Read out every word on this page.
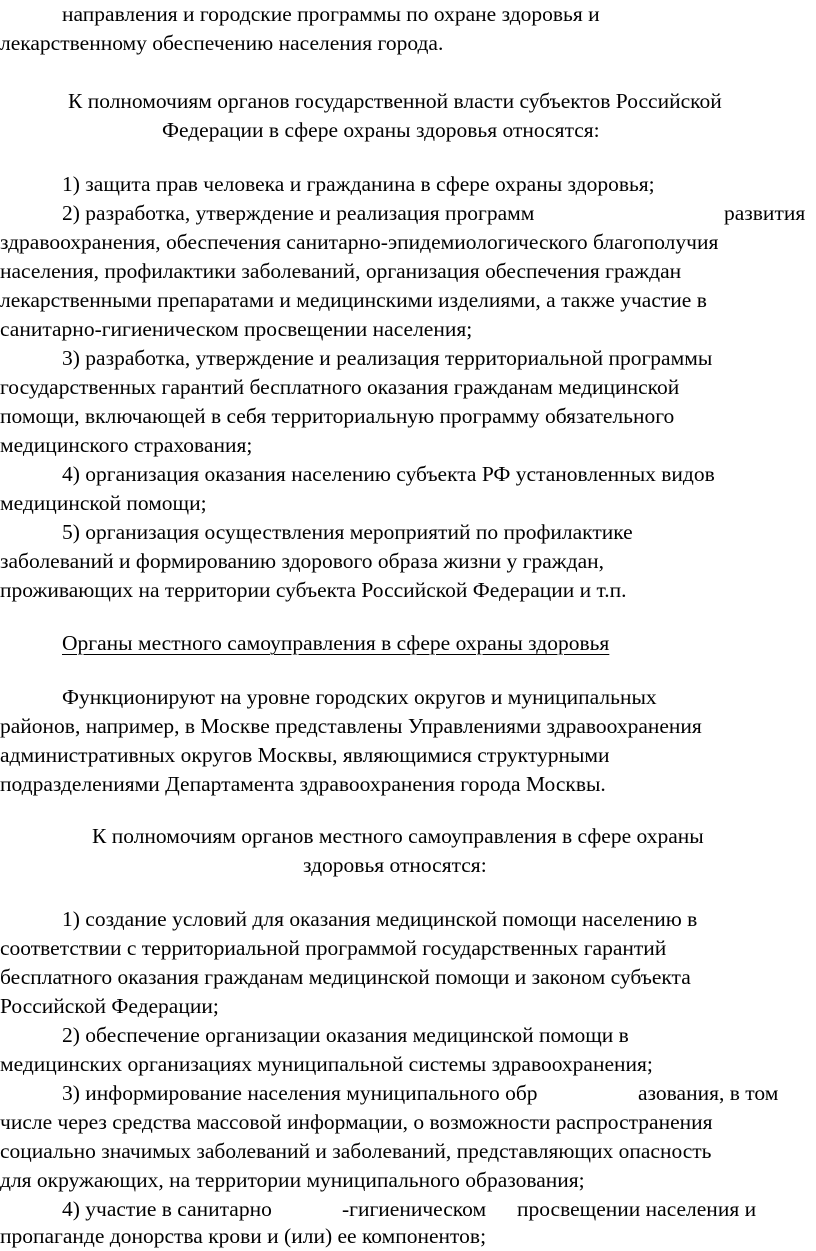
направления и городские программы по охране здоровья и

лекарственному обеспечению населения города.

К полномочиям органов государственной власти субъектов Российской

Федерации в сфере охраны здоровья относятся:

1) защита прав человека и гражданина в сфере охраны здоровья;

2) разработка, утверждение и реализация программ	развития

здравоохранения, обеспечения санитарно-эпидемиологического благополучия

населения, профилактики заболеваний, организация обеспечения граждан

лекарственными препаратами и медицинскими изделиями, а также участие в

санитарно-гигиеническом просвещении населения;

3) разработка, утверждение и реализация территориальной программы

государственных гарантий бесплатного оказания гражданам медицинской

помощи, включающей в себя территориальную программу обязательного

медицинского страхования;

4) организация оказания населению субъекта РФ установленных видов

медицинской помощи;

5) организация осуществления мероприятий по профилактике

заболеваний и формированию здорового образа жизни у граждан,

проживающих на территории субъекта Российской Федерации и т.п.

Органы местного самоуправления в сфере охраны здоровья

Функционируют на уровне городских округов и муниципальных

районов, например, в Москве представлены Управлениями здравоохранения

административных округов Москвы, являющимися структурными

подразделениями Департамента здравоохранения города Москвы.

К полномочиям органов местного самоуправления в сфере охраны

здоровья относятся:

1) создание условий для оказания медицинской помощи населению в

соответствии с территориальной программой государственных гарантий

бесплатного оказания гражданам медицинской помощи и законом субъекта

Российской Федерации;

2) обеспечение организации оказания медицинской помощи в

медицинских организациях муниципальной системы здравоохранения;

3) информирование населения муниципального обр	азования, в том

числе через средства массовой информации, о возможности распространения

социально значимых заболеваний и заболеваний, представляющих опасность

для окружающих, на территории муниципального образования;

4) участие в санитарно	-гигиеническом просвещении населения и

пропаганде донорства крови и (или) ее компонентов;
